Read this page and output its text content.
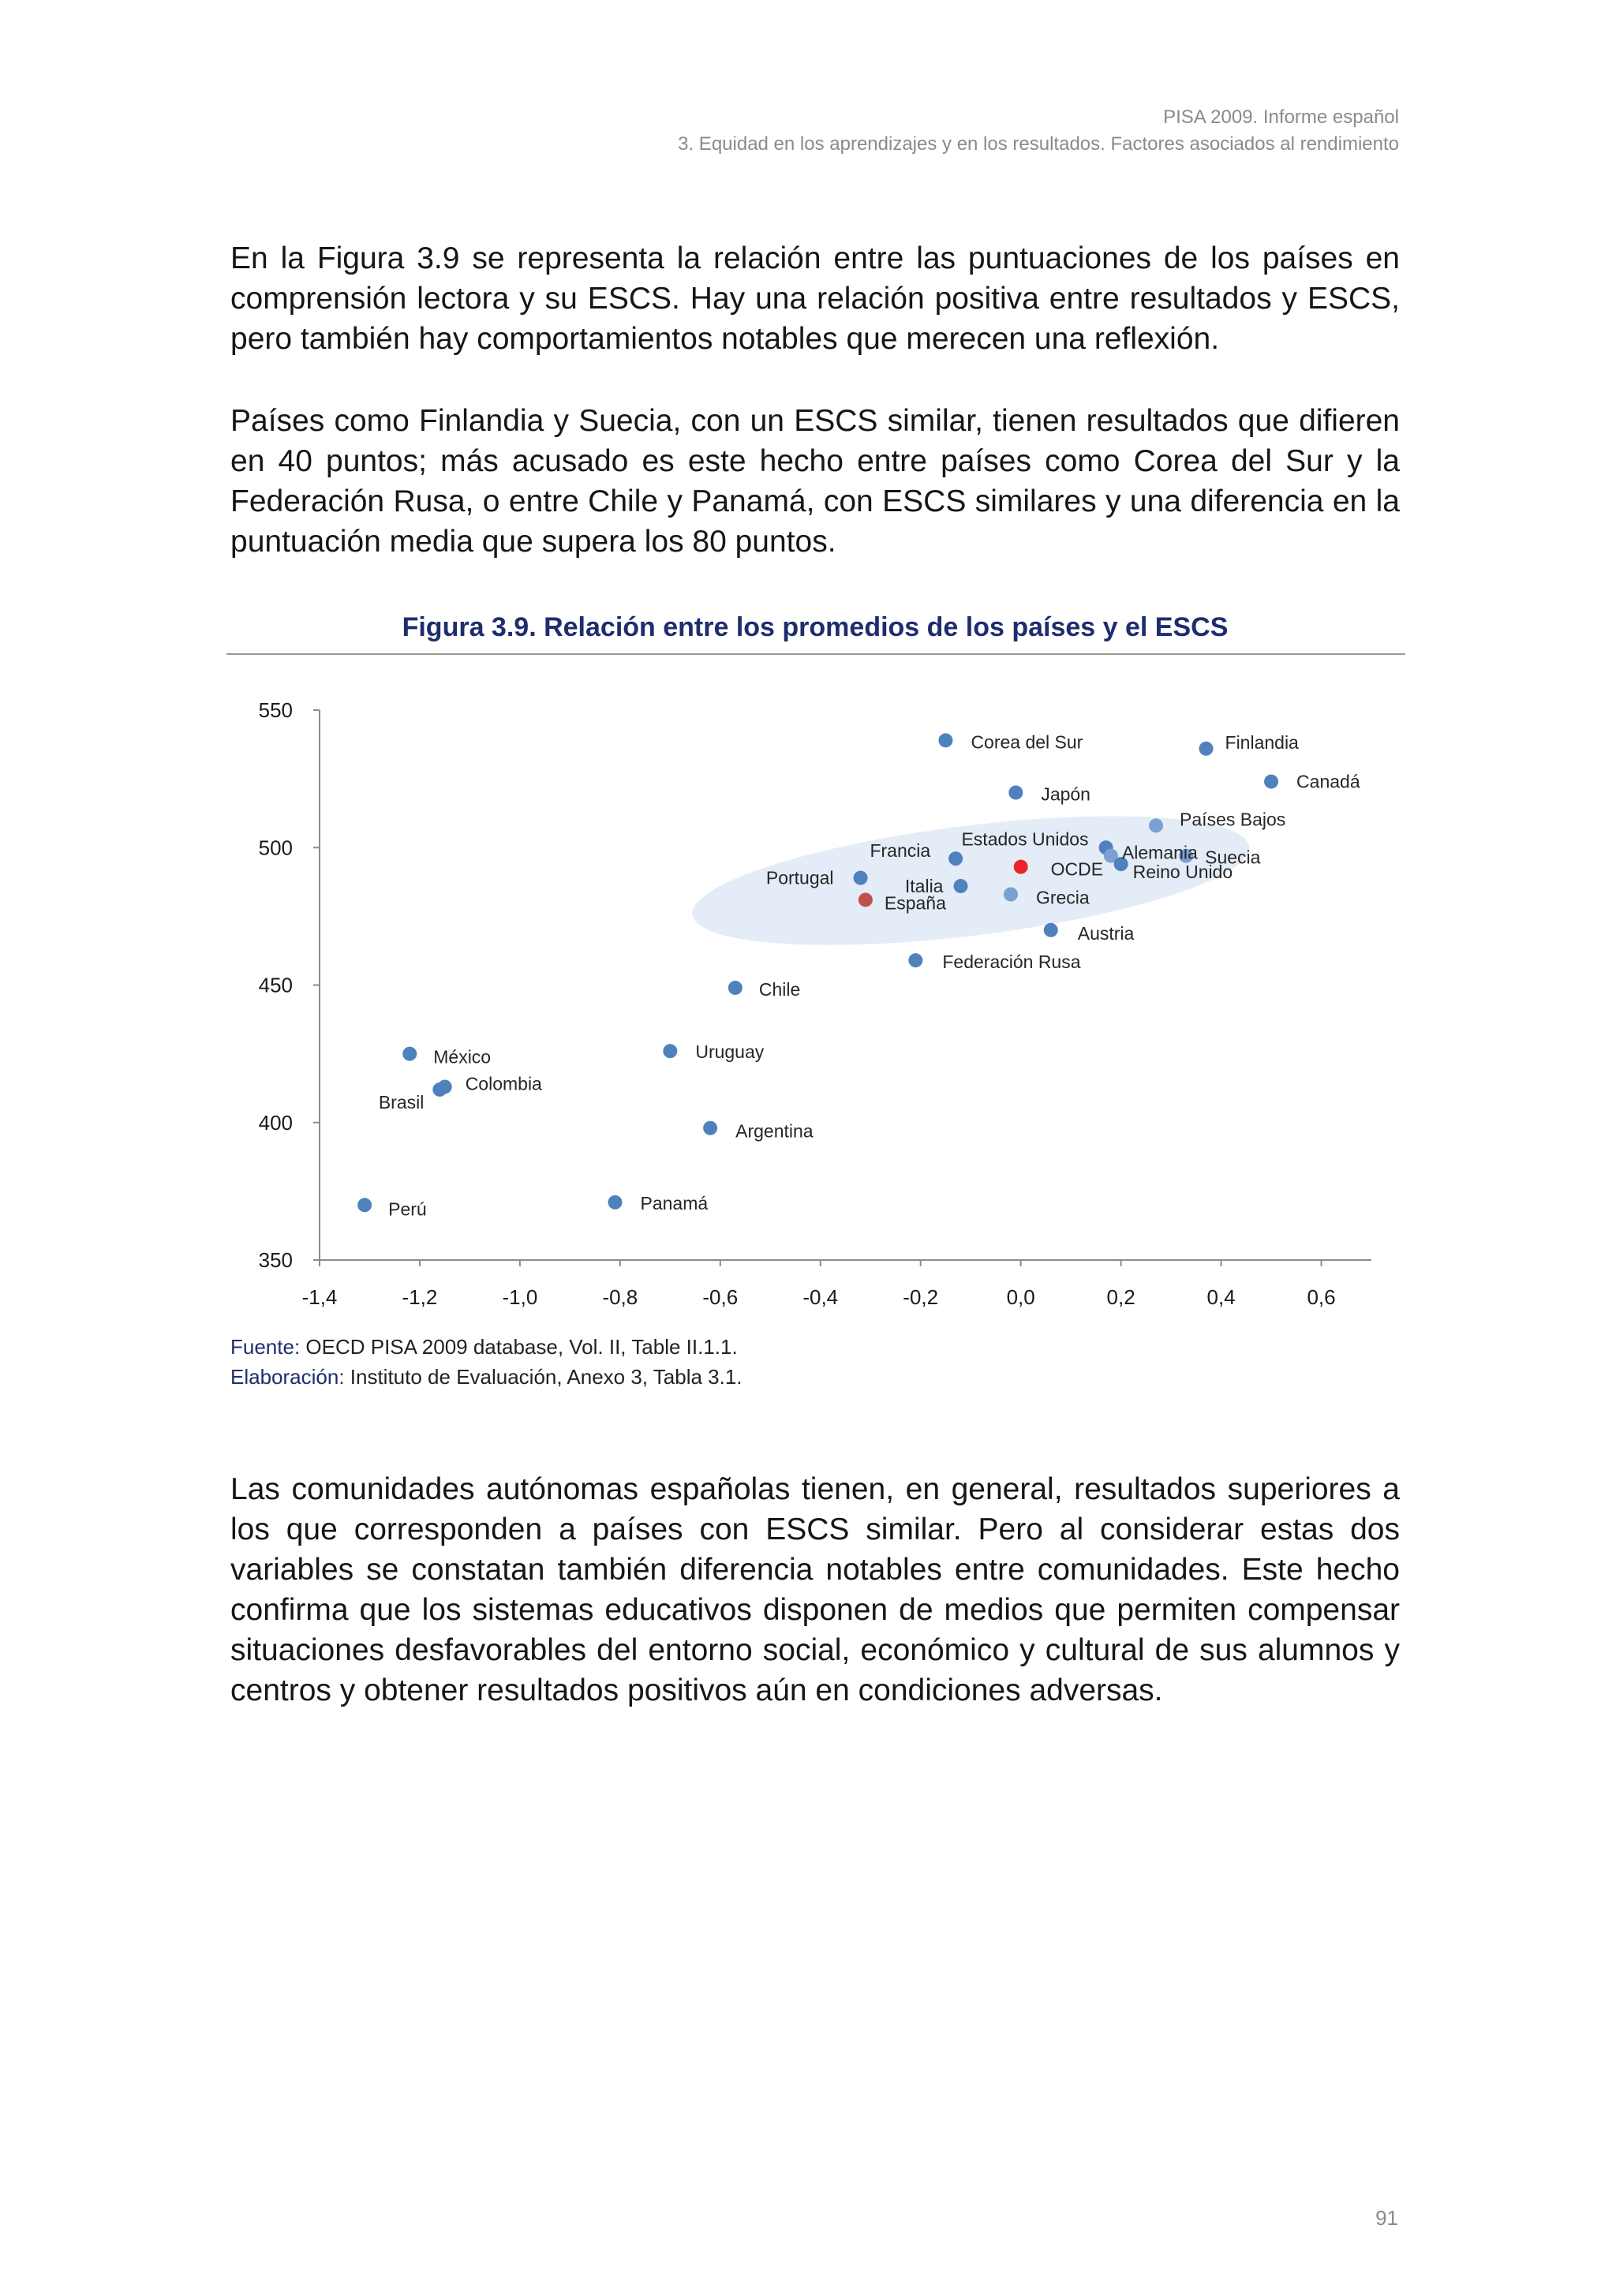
PISA 2009. Informe español
3. Equidad en los aprendizajes y en los resultados. Factores asociados al rendimiento

En la Figura 3.9 se representa la relación entre las puntuaciones de los países en comprensión lectora y su ESCS. Hay una relación positiva entre resultados y ESCS, pero también hay comportamientos notables que merecen una reflexión.

Países como Finlandia y Suecia, con un ESCS similar, tienen resultados que difieren en 40 puntos; más acusado es este hecho entre países como Corea del Sur y la Federación Rusa, o entre Chile y Panamá, con ESCS similares y una diferencia en la puntuación media que supera los 80 puntos.

Figura 3.9. Relación entre los promedios de los países y el ESCS
350
400
450
500
550
-1,4	-1,2	-1,0	-0,8	-0,6	-0,4	-0,2	0,0	0,2	0,4	0,6
Corea del Sur	Finlandia
Canadá
Japón
Países Bajos
Estados Unidos
Alemania Suecia
Reino Unido
Francia
OCDE
Portugal	Italia
Grecia
España
Austria
Federación Rusa
Chile
Uruguay
México
Colombia
Brasil
Argentina
Perú	Panamá
Fuente: OECD PISA 2009 database, Vol. II, Table II.1.1.
Elaboración: Instituto de Evaluación, Anexo 3, Tabla 3.1.

Las comunidades autónomas españolas tienen, en general, resultados superiores a los que corresponden a países con ESCS similar. Pero al considerar estas dos variables se constatan también diferencia notables entre comunidades. Este hecho confirma que los sistemas educativos disponen de medios que permiten compensar situaciones desfavorables del entorno social, económico y cultural de sus alumnos y centros y obtener resultados positivos aún en condiciones adversas.

91
